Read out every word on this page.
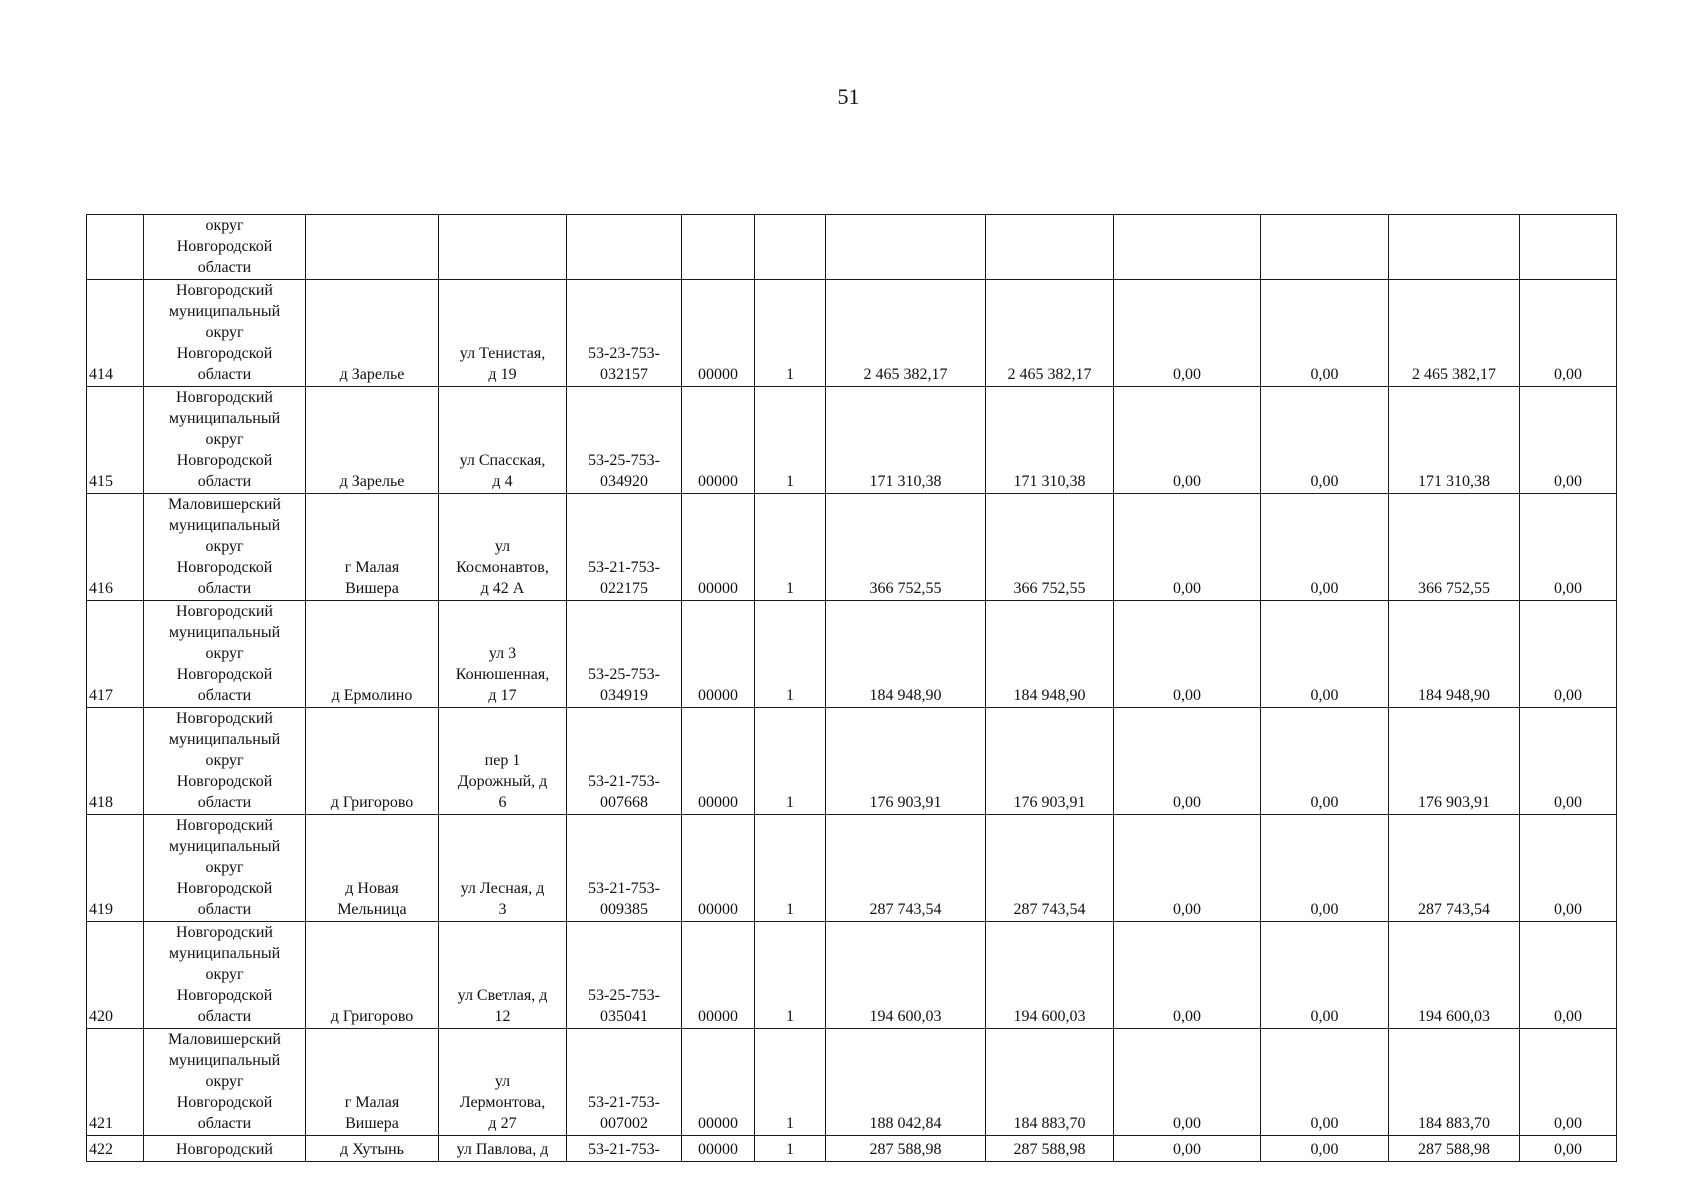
51
	округ
Новгородской
области											
414	Новгородский
муниципальный
округ
Новгородской
области	д Зарелье	ул Тенистая,
д 19	53-23-753-
032157	00000	1	2 465 382,17	2 465 382,17	0,00	0,00	2 465 382,17	0,00
415	Новгородский
муниципальный
округ
Новгородской
области	д Зарелье	ул Спасская,
д 4	53-25-753-
034920	00000	1	171 310,38	171 310,38	0,00	0,00	171 310,38	0,00
416	Маловишерский
муниципальный
округ
Новгородской
области	г Малая
Вишера	ул
Космонавтов,
д 42 А	53-21-753-
022175	00000	1	366 752,55	366 752,55	0,00	0,00	366 752,55	0,00
417	Новгородский
муниципальный
округ
Новгородской
области	д Ермолино	ул 3
Конюшенная,
д 17	53-25-753-
034919	00000	1	184 948,90	184 948,90	0,00	0,00	184 948,90	0,00
418	Новгородский
муниципальный
округ
Новгородской
области	д Григорово	пер 1
Дорожный, д
6	53-21-753-
007668	00000	1	176 903,91	176 903,91	0,00	0,00	176 903,91	0,00
419	Новгородский
муниципальный
округ
Новгородской
области	д Новая
Мельница	ул Лесная, д
3	53-21-753-
009385	00000	1	287 743,54	287 743,54	0,00	0,00	287 743,54	0,00
420	Новгородский
муниципальный
округ
Новгородской
области	д Григорово	ул Светлая, д
12	53-25-753-
035041	00000	1	194 600,03	194 600,03	0,00	0,00	194 600,03	0,00
421	Маловишерский
муниципальный
округ
Новгородской
области	г Малая
Вишера	ул
Лермонтова,
д 27	53-21-753-
007002	00000	1	188 042,84	184 883,70	0,00	0,00	184 883,70	0,00
422	Новгородский	д Хутынь	ул Павлова, д	53-21-753-	00000	1	287 588,98	287 588,98	0,00	0,00	287 588,98	0,00
